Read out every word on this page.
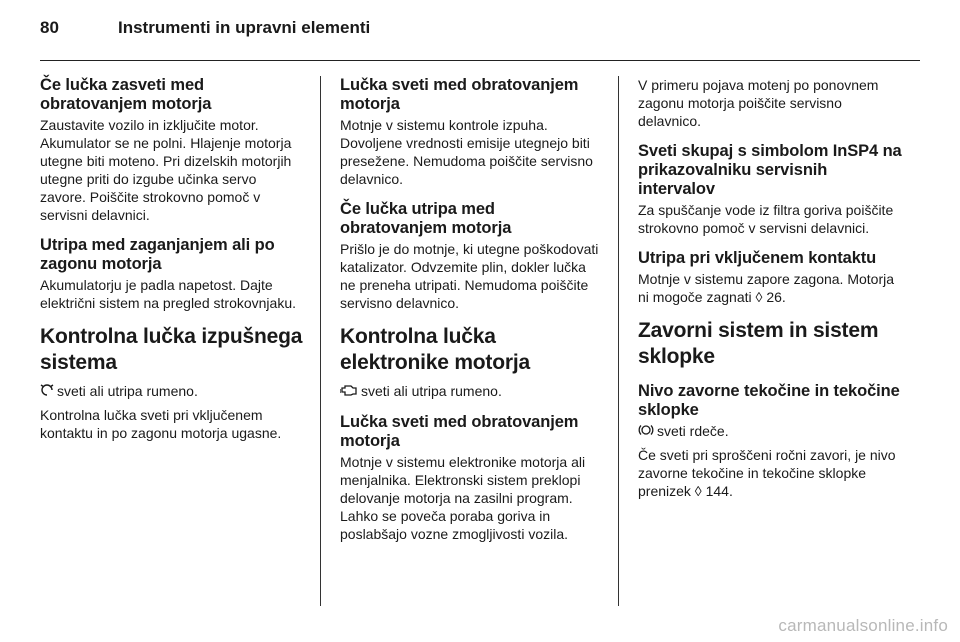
80	Instrumenti in upravni elementi
Če lučka zasveti med obratovanjem motorja

Zaustavite vozilo in izključite motor. Akumulator se ne polni. Hlajenje motorja utegne biti moteno. Pri dizelskih motorjih utegne priti do izgube učinka servo zavore. Poiščite strokovno pomoč v servisni delavnici.

Utripa med zaganjanjem ali po zagonu motorja

Akumulatorju je padla napetost. Dajte električni sistem na pregled strokovnjaku.

Kontrolna lučka izpušnega sistema

sveti ali utripa rumeno.

Kontrolna lučka sveti pri vključenem kontaktu in po zagonu motorja ugasne.

Lučka sveti med obratovanjem motorja

Motnje v sistemu kontrole izpuha. Dovoljene vrednosti emisije utegnejo biti presežene. Nemudoma poiščite servisno delavnico.

Če lučka utripa med obratovanjem motorja

Prišlo je do motnje, ki utegne poškodovati katalizator. Odvzemite plin, dokler lučka ne preneha utripati. Nemudoma poiščite servisno delavnico.

Kontrolna lučka elektronike motorja

sveti ali utripa rumeno.

Lučka sveti med obratovanjem motorja

Motnje v sistemu elektronike motorja ali menjalnika. Elektronski sistem preklopi delovanje motorja na zasilni program. Lahko se poveča poraba goriva in poslabšajo vozne zmogljivosti vozila.

V primeru pojava motenj po ponovnem zagonu motorja poiščite servisno delavnico.

Sveti skupaj s simbolom InSP4 na prikazovalniku servisnih intervalov

Za spuščanje vode iz filtra goriva poiščite strokovno pomoč v servisni delavnici.

Utripa pri vključenem kontaktu

Motnje v sistemu zapore zagona. Motorja ni mogoče zagnati ◊ 26.

Zavorni sistem in sistem sklopke
Nivo zavorne tekočine in tekočine sklopke

sveti rdeče.

Če sveti pri sproščeni ročni zavori, je nivo zavorne tekočine in tekočine sklopke prenizek ◊ 144.

carmanualsonline.info
